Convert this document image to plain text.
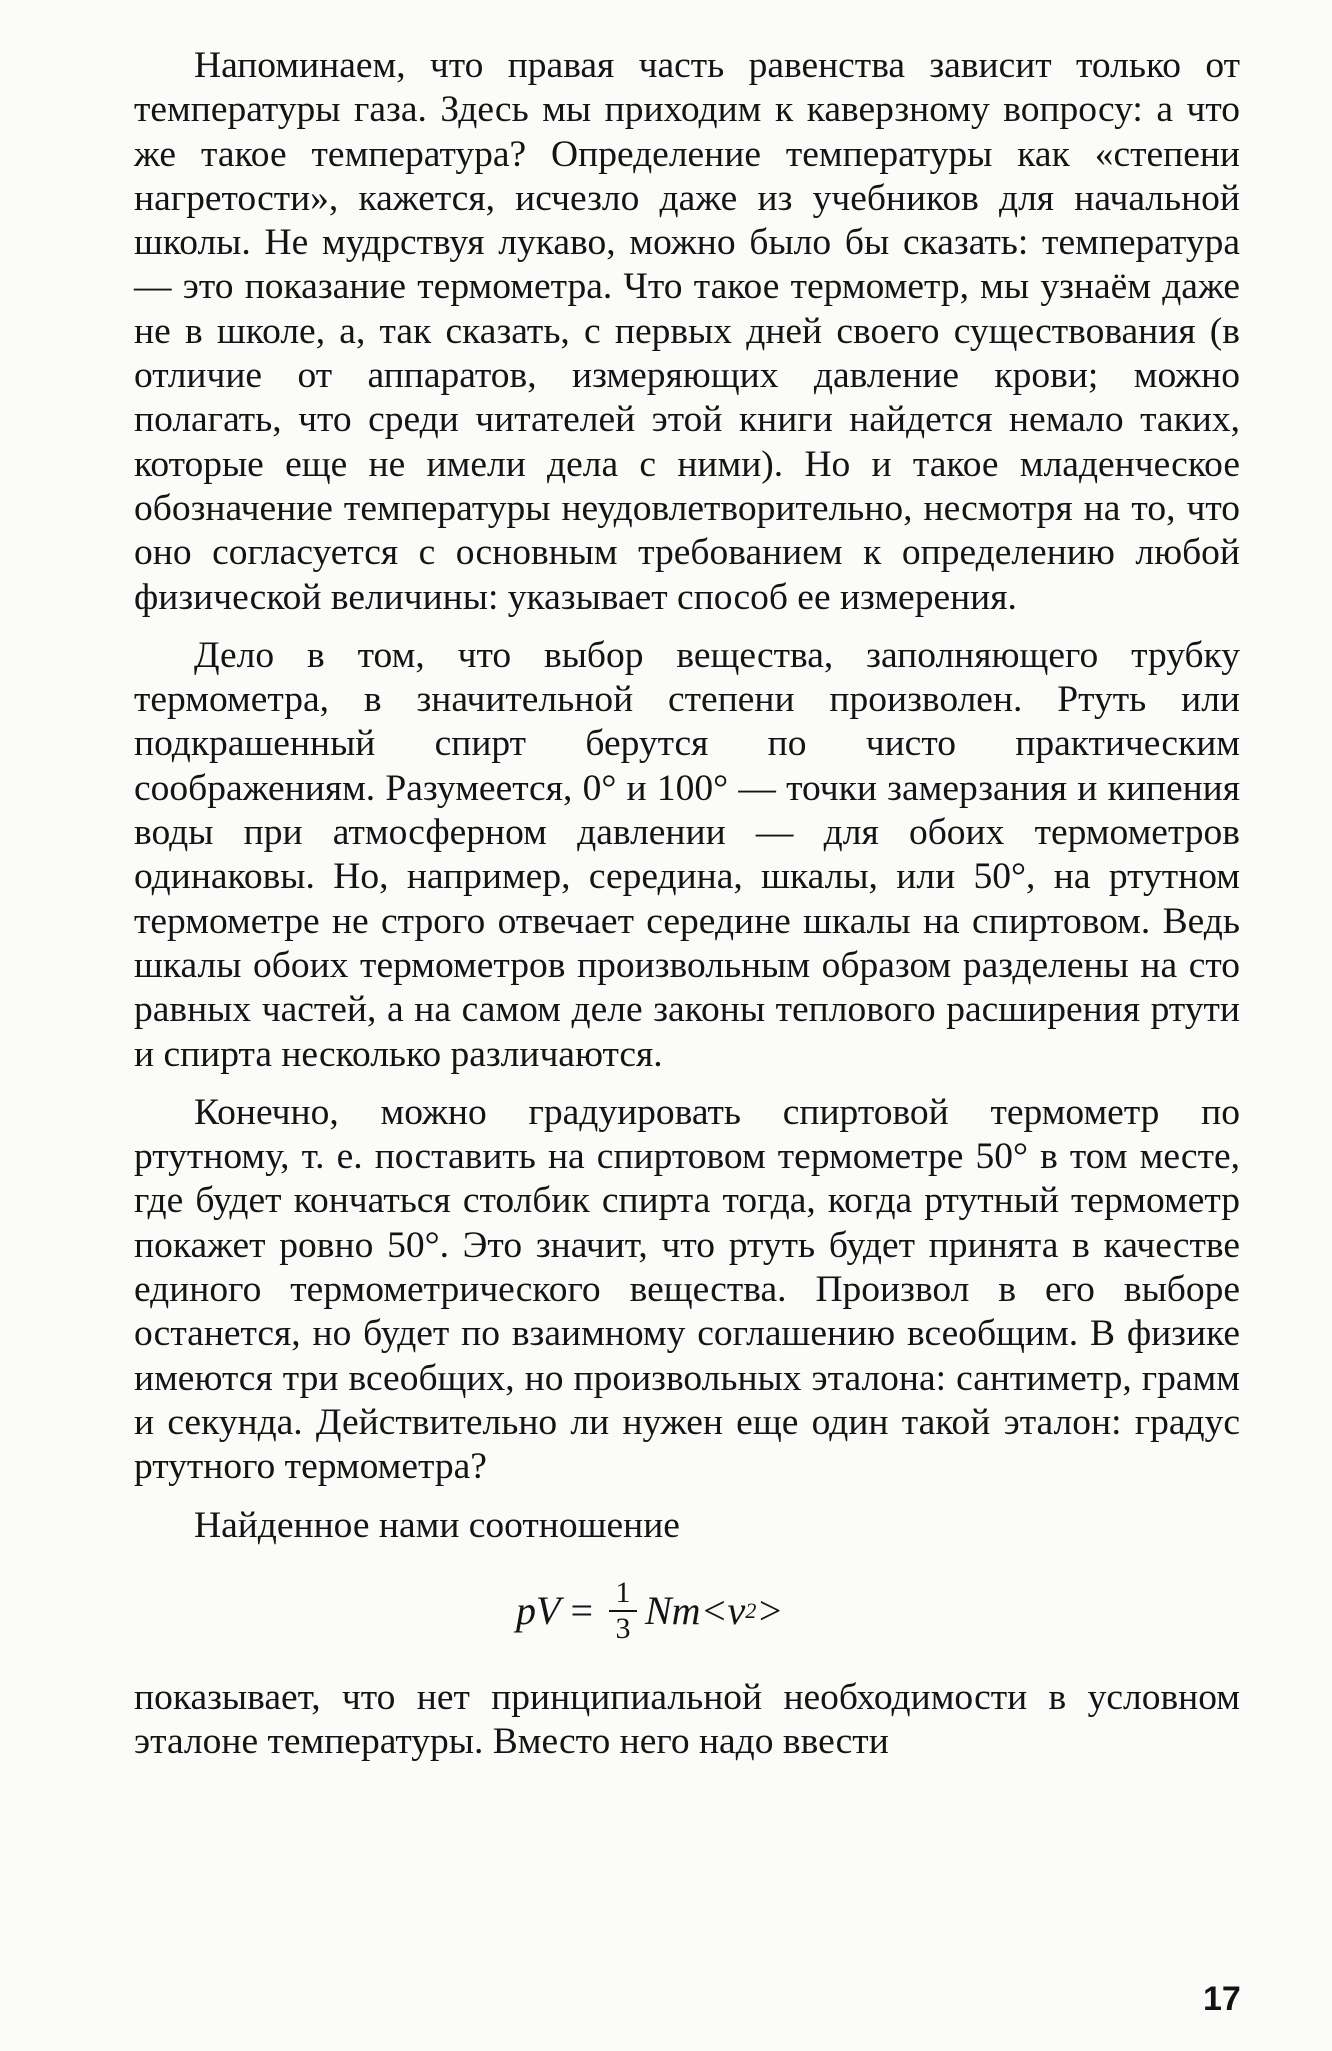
Напоминаем, что правая часть равенства зависит только от температуры газа. Здесь мы приходим к каверзному вопросу: а что же такое температура? Определение температуры как «степени нагретости», кажется, исчезло даже из учебников для начальной школы. Не мудрствуя лукаво, можно было бы сказать: температура — это показание термометра. Что такое термометр, мы узнаём даже не в школе, а, так сказать, с первых дней своего существования (в отличие от аппаратов, измеряющих давление крови; можно полагать, что среди читателей этой книги найдется немало таких, которые еще не имели дела с ними). Но и такое младенческое обозначение температуры неудовлетворительно, несмотря на то, что оно согласуется с основным требованием к определению любой физической величины: указывает способ ее измерения.

Дело в том, что выбор вещества, заполняющего трубку термометра, в значительной степени произволен. Ртуть или подкрашенный спирт берутся по чисто практическим соображениям. Разумеется, 0° и 100° — точки замерзания и кипения воды при атмосферном давлении — для обоих термометров одинаковы. Но, например, середина, шкалы, или 50°, на ртутном термометре не строго отвечает середине шкалы на спиртовом. Ведь шкалы обоих термометров произвольным образом разделены на сто равных частей, а на самом деле законы теплового расширения ртути и спирта несколько различаются.

Конечно, можно градуировать спиртовой термометр по ртутному, т. е. поставить на спиртовом термометре 50° в том месте, где будет кончаться столбик спирта тогда, когда ртутный термометр покажет ровно 50°. Это значит, что ртуть будет принята в качестве единого термометрического вещества. Произвол в его выборе останется, но будет по взаимному соглашению всеобщим. В физике имеются три всеобщих, но произвольных эталона: сантиметр, грамм и секунда. Действительно ли нужен еще один такой эталон: градус ртутного термометра?

Найденное нами соотношение

pV = $\frac{1}{3} Nm<v$ 2 >

показывает, что нет принципиальной необходимости в условном эталоне температуры. Вместо него надо ввести

17
